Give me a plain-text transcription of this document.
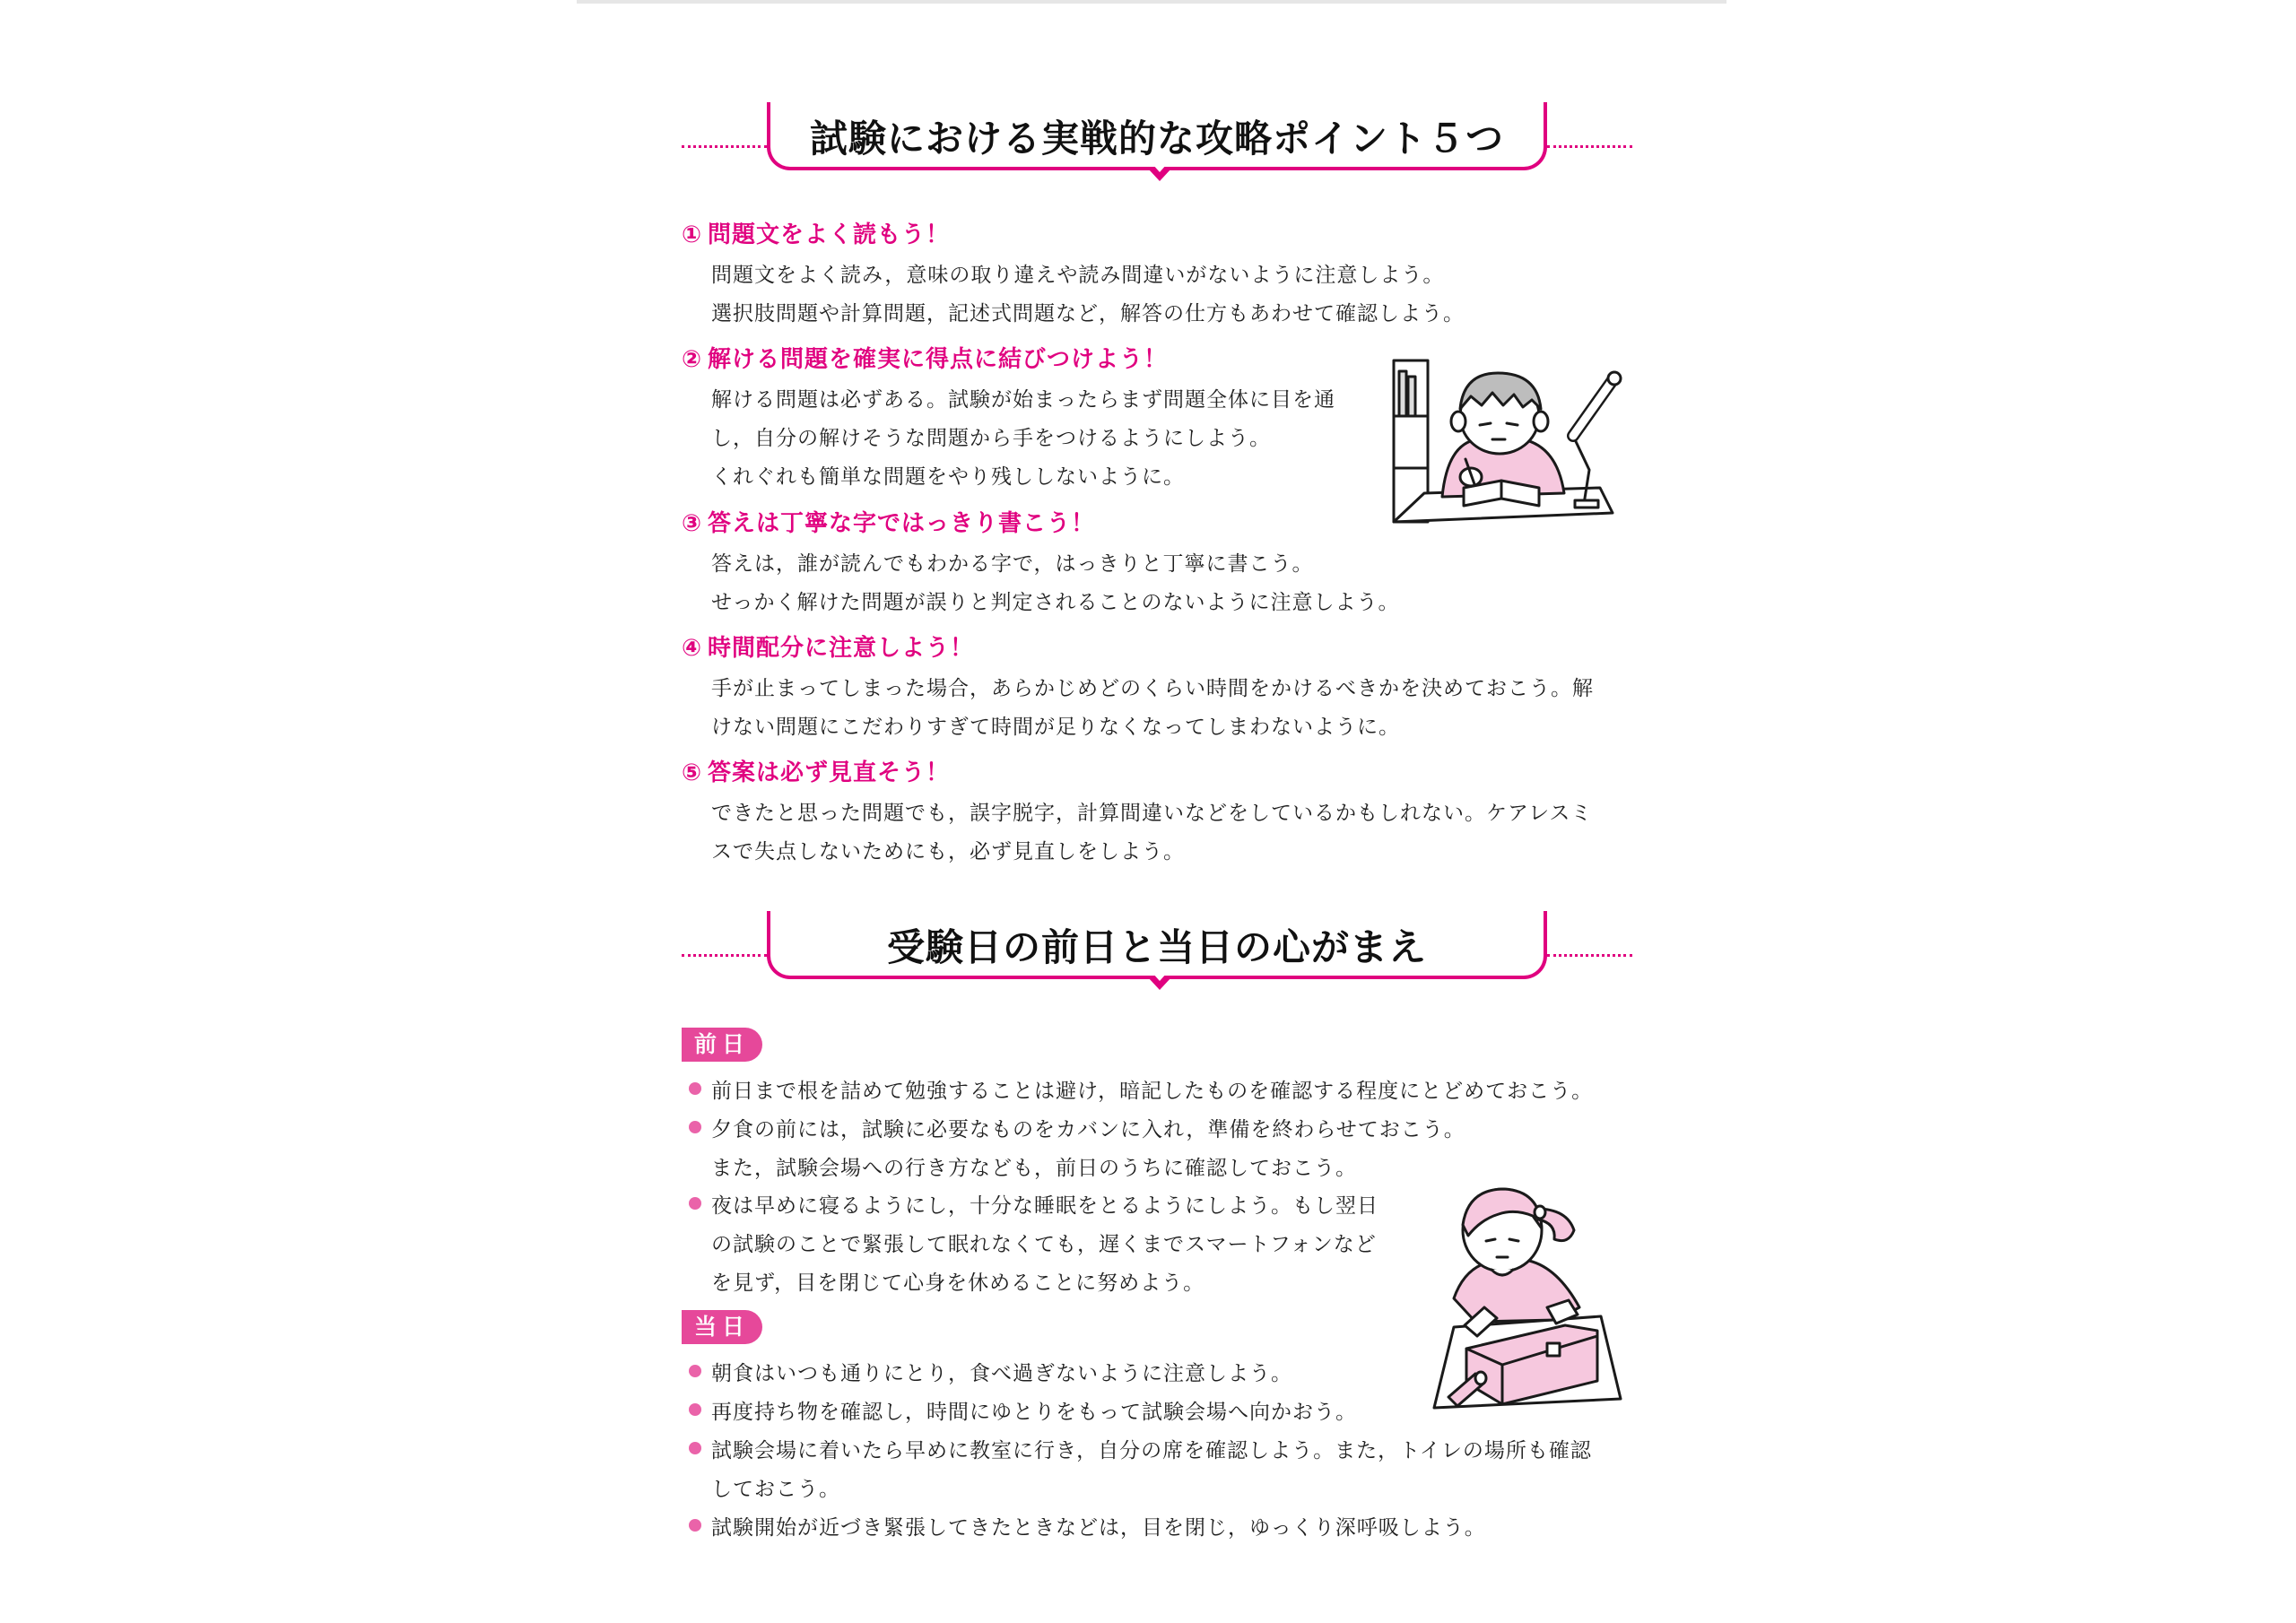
試験における実戦的な攻略ポイント５つ
① 問題文をよく読もう！
問題文をよく読み，意味の取り違えや読み間違いがないように注意しよう。
選択肢問題や計算問題，記述式問題など，解答の仕方もあわせて確認しよう。
② 解ける問題を確実に得点に結びつけよう！
解ける問題は必ずある。試験が始まったらまず問題全体に目を通
し，自分の解けそうな問題から手をつけるようにしよう。
くれぐれも簡単な問題をやり残ししないように。
③ 答えは丁寧な字ではっきり書こう！
答えは，誰が読んでもわかる字で，はっきりと丁寧に書こう。
せっかく解けた問題が誤りと判定されることのないように注意しよう。
④ 時間配分に注意しよう！
手が止まってしまった場合，あらかじめどのくらい時間をかけるべきかを決めておこう。解
けない問題にこだわりすぎて時間が足りなくなってしまわないように。
⑤ 答案は必ず見直そう！
できたと思った問題でも，誤字脱字，計算間違いなどをしているかもしれない。ケアレスミ
スで失点しないためにも，必ず見直しをしよう。
受験日の前日と当日の心がまえ
前日
前日まで根を詰めて勉強することは避け，暗記したものを確認する程度にとどめておこう。
夕食の前には，試験に必要なものをカバンに入れ，準備を終わらせておこう。
また，試験会場への行き方なども，前日のうちに確認しておこう。
夜は早めに寝るようにし，十分な睡眠をとるようにしよう。もし翌日
の試験のことで緊張して眠れなくても，遅くまでスマートフォンなど
を見ず，目を閉じて心身を休めることに努めよう。
当日
朝食はいつも通りにとり，食べ過ぎないように注意しよう。
再度持ち物を確認し，時間にゆとりをもって試験会場へ向かおう。
試験会場に着いたら早めに教室に行き，自分の席を確認しよう。また，トイレの場所も確認
しておこう。
試験開始が近づき緊張してきたときなどは，目を閉じ，ゆっくり深呼吸しよう。
